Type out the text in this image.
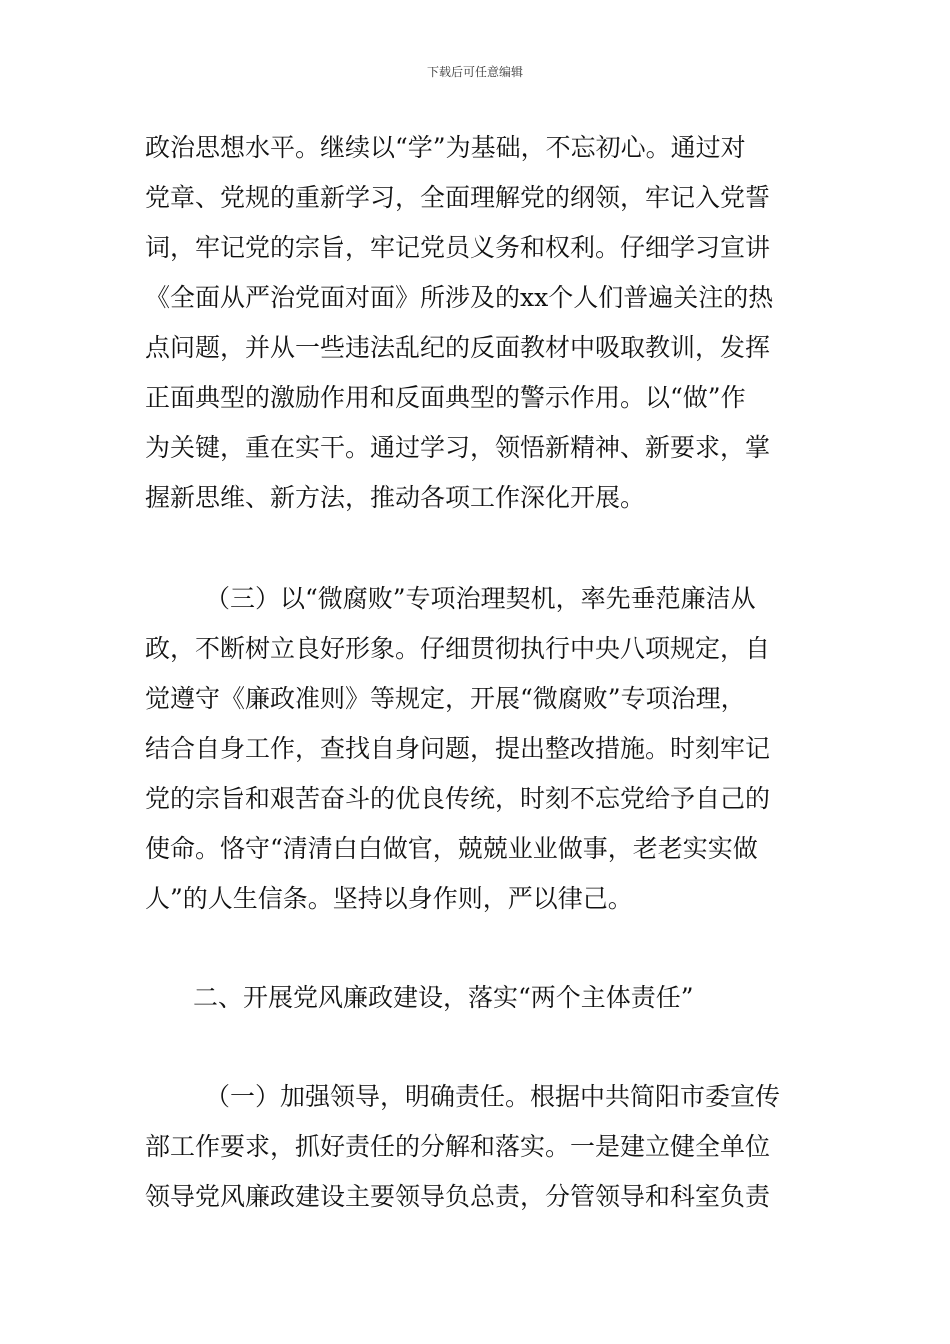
下载后可任意编辑
政治思想水平。继续以“学”为基础，不忘初心。通过对
党章、党规的重新学习，全面理解党的纲领，牢记入党誓
词，牢记党的宗旨，牢记党员义务和权利。仔细学习宣讲
《全面从严治党面对面》所涉及的xx个人们普遍关注的热
点问题，并从一些违法乱纪的反面教材中吸取教训，发挥
正面典型的激励作用和反面典型的警示作用。以“做”作
为关键，重在实干。通过学习，领悟新精神、新要求，掌
握新思维、新方法，推动各项工作深化开展。
（三）以“微腐败”专项治理契机，率先垂范廉洁从
政，不断树立良好形象。仔细贯彻执行中央八项规定，自
觉遵守《廉政准则》等规定，开展“微腐败”专项治理，
结合自身工作，查找自身问题，提出整改措施。时刻牢记
党的宗旨和艰苦奋斗的优良传统，时刻不忘党给予自己的
使命。恪守“清清白白做官，兢兢业业做事，老老实实做
人”的人生信条。坚持以身作则，严以律己。
二、开展党风廉政建设，落实“两个主体责任”
（一）加强领导，明确责任。根据中共简阳市委宣传
部工作要求，抓好责任的分解和落实。一是建立健全单位
领导党风廉政建设主要领导负总责，分管领导和科室负责
